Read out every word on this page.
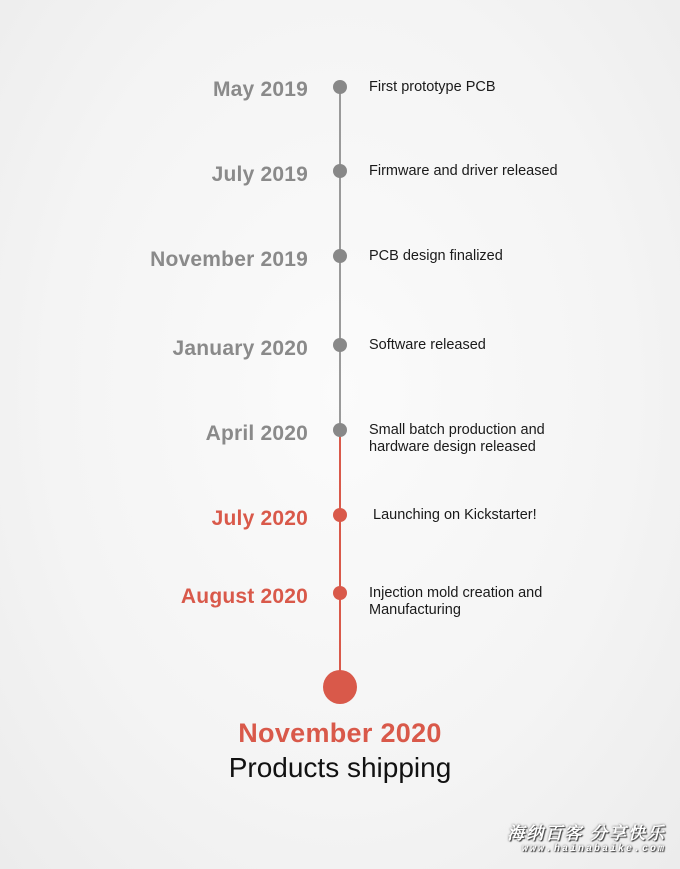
May 2019	First prototype PCB
July 2019	Firmware and driver released
November 2019	PCB design finalized
January 2020	Software released
April 2020	Small batch production and
hardware design released
July 2020	Launching on Kickstarter!
August 2020	Injection mold creation and
Manufacturing
November 2020
Products shipping
海纳百客 分享快乐
www.hainabaike.com
